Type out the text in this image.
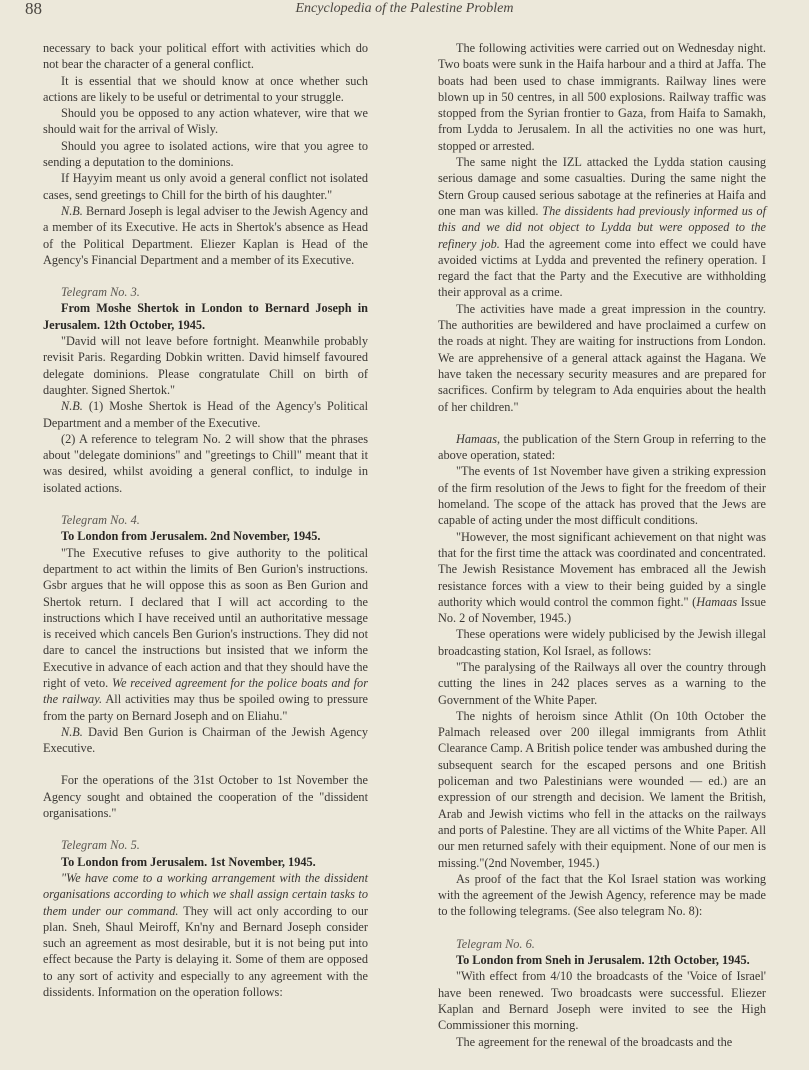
88	Encyclopedia of the Palestine Problem

necessary to back your political effort with activities which do not bear the character of a general conflict.

It is essential that we should know at once whether such actions are likely to be useful or detrimental to your struggle.

Should you be opposed to any action whatever, wire that we should wait for the arrival of Wisly.

Should you agree to isolated actions, wire that you agree to sending a deputation to the dominions.

If Hayyim meant us only avoid a general conflict not isolated cases, send greetings to Chill for the birth of his daughter."

N.B. Bernard Joseph is legal adviser to the Jewish Agency and a member of its Executive. He acts in Shertok's absence as Head of the Political Department. Eliezer Kaplan is Head of the Agency's Financial Department and a member of its Executive.

Telegram No. 3.

From Moshe Shertok in London to Bernard Joseph in Jerusalem. 12th October, 1945.

"David will not leave before fortnight. Meanwhile probably revisit Paris. Regarding Dobkin written. David himself favoured delegate dominions. Please congratulate Chill on birth of daughter. Signed Shertok."

N.B. (1) Moshe Shertok is Head of the Agency's Political Department and a member of the Executive.

(2) A reference to telegram No. 2 will show that the phrases about "delegate dominions" and "greetings to Chill" meant that it was desired, whilst avoiding a general conflict, to indulge in isolated actions.

Telegram No. 4.

To London from Jerusalem. 2nd November, 1945.

"The Executive refuses to give authority to the political department to act within the limits of Ben Gurion's instructions. Gsbr argues that he will oppose this as soon as Ben Gurion and Shertok return. I declared that I will act according to the instructions which I have received until an authoritative message is received which cancels Ben Gurion's instructions. They did not dare to cancel the instructions but insisted that we inform the Executive in advance of each action and that they should have the right of veto. We received agreement for the police boats and for the railway. All activities may thus be spoiled owing to pressure from the party on Bernard Joseph and on Eliahu."

N.B. David Ben Gurion is Chairman of the Jewish Agency Executive.

For the operations of the 31st October to 1st November the Agency sought and obtained the cooperation of the "dissident organisations."

Telegram No. 5.

To London from Jerusalem. 1st November, 1945.

"We have come to a working arrangement with the dissident organisations according to which we shall assign certain tasks to them under our command. They will act only according to our plan. Sneh, Shaul Meiroff, Kn'ny and Bernard Joseph consider such an agreement as most desirable, but it is not being put into effect because the Party is delaying it. Some of them are opposed to any sort of activity and especially to any agreement with the dissidents. Information on the operation follows:

The following activities were carried out on Wednesday night. Two boats were sunk in the Haifa harbour and a third at Jaffa. The boats had been used to chase immigrants. Railway lines were blown up in 50 centres, in all 500 explosions. Railway traffic was stopped from the Syrian frontier to Gaza, from Haifa to Samakh, from Lydda to Jerusalem. In all the activities no one was hurt, stopped or arrested.

The same night the IZL attacked the Lydda station causing serious damage and some casualties. During the same night the Stern Group caused serious sabotage at the refineries at Haifa and one man was killed. The dissidents had previously informed us of this and we did not object to Lydda but were opposed to the refinery job. Had the agreement come into effect we could have avoided victims at Lydda and prevented the refinery operation. I regard the fact that the Party and the Executive are withholding their approval as a crime.

The activities have made a great impression in the country. The authorities are bewildered and have proclaimed a curfew on the roads at night. They are waiting for instructions from London. We are apprehensive of a general attack against the Hagana. We have taken the necessary security measures and are prepared for sacrifices. Confirm by telegram to Ada enquiries about the health of her children."

Hamaas, the publication of the Stern Group in referring to the above operation, stated:

"The events of 1st November have given a striking expression of the firm resolution of the Jews to fight for the freedom of their homeland. The scope of the attack has proved that the Jews are capable of acting under the most difficult conditions.

"However, the most significant achievement on that night was that for the first time the attack was coordinated and concentrated. The Jewish Resistance Movement has embraced all the Jewish resistance forces with a view to their being guided by a single authority which would control the common fight." (Hamaas Issue No. 2 of November, 1945.)

These operations were widely publicised by the Jewish illegal broadcasting station, Kol Israel, as follows:

"The paralysing of the Railways all over the country through cutting the lines in 242 places serves as a warning to the Government of the White Paper.

The nights of heroism since Athlit (On 10th October the Palmach released over 200 illegal immigrants from Athlit Clearance Camp. A British police tender was ambushed during the subsequent search for the escaped persons and one British policeman and two Palestinians were wounded — ed.) are an expression of our strength and decision. We lament the British, Arab and Jewish victims who fell in the attacks on the railways and ports of Palestine. They are all victims of the White Paper. All our men returned safely with their equipment. None of our men is missing."(2nd November, 1945.)

As proof of the fact that the Kol Israel station was working with the agreement of the Jewish Agency, reference may be made to the following telegrams. (See also telegram No. 8):

Telegram No. 6.

To London from Sneh in Jerusalem. 12th October, 1945.

"With effect from 4/10 the broadcasts of the 'Voice of Israel' have been renewed. Two broadcasts were successful. Eliezer Kaplan and Bernard Joseph were invited to see the High Commissioner this morning.

The agreement for the renewal of the broadcasts and the
